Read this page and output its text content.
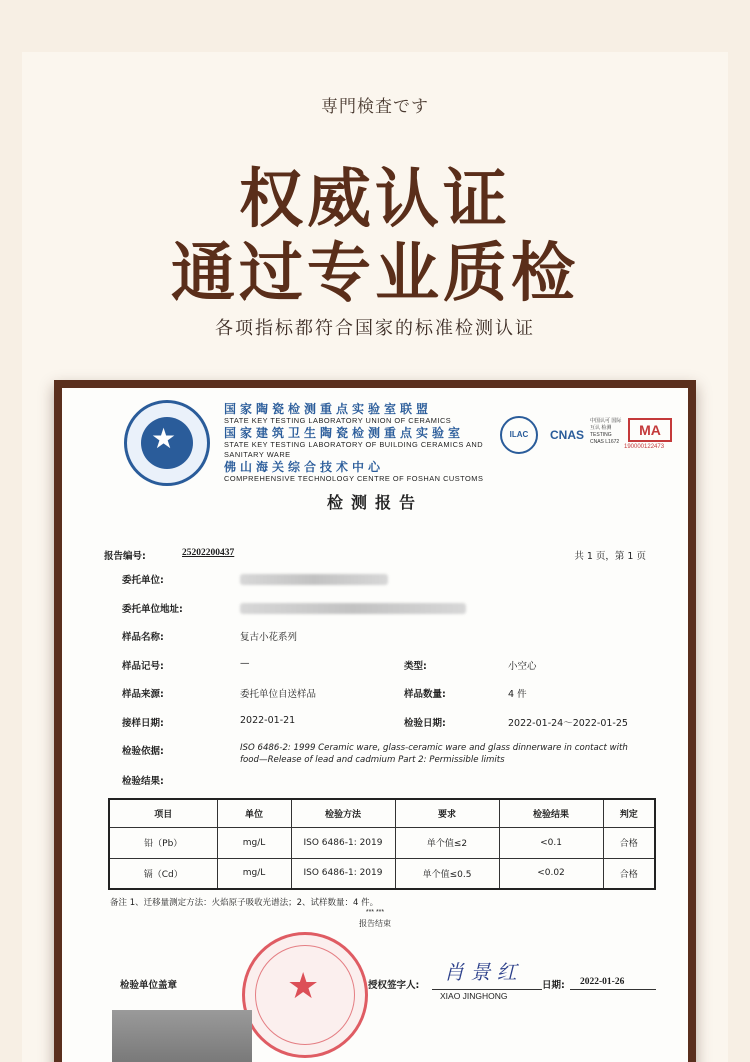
専門検査です
权威认证
通过专业质检
各项指标都符合国家的标准检测认证
★
国家陶瓷检测重点实验室联盟
STATE KEY TESTING LABORATORY UNION OF CERAMICS
国家建筑卫生陶瓷检测重点实验室
STATE KEY TESTING LABORATORY OF BUILDING CERAMICS AND SANITARY WARE
佛山海关综合技术中心
COMPREHENSIVE TECHNOLOGY CENTRE OF FOSHAN CUSTOMS
ILAC	CNAS
中国认可 国际互认 检测 TESTING CNAS L1672
MA
190000122473
检测报告
报告编号:	25202200437	共 1 页，第 1 页
委托单位:
委托单位地址:
样品名称:	复古小花系列
样品记号:	—	类型:	小空心
样品来源:	委托单位自送样品	样品数量:	4 件
接样日期:	2022-01-21	检验日期:	2022-01-24～2022-01-25
检验依据:	ISO 6486-2: 1999 Ceramic ware, glass-ceramic ware and glass dinnerware in contact with
food—Release of lead and cadmium Part 2: Permissible limits
检验结果:
项目	单位	检验方法	要求	检验结果	判定
铅（Pb）	mg/L	ISO 6486-1: 2019	单个值≤2	<0.1	合格
镉（Cd）	mg/L	ISO 6486-1: 2019	单个值≤0.5	<0.02	合格
备注 1、迁移量测定方法：火焰原子吸收光谱法；2、试样数量：4 件。
*** ***
报告结束
检验单位盖章	★	授权签字人:
肖 景 红
XIAO JINGHONG
日期: 2022-01-26
